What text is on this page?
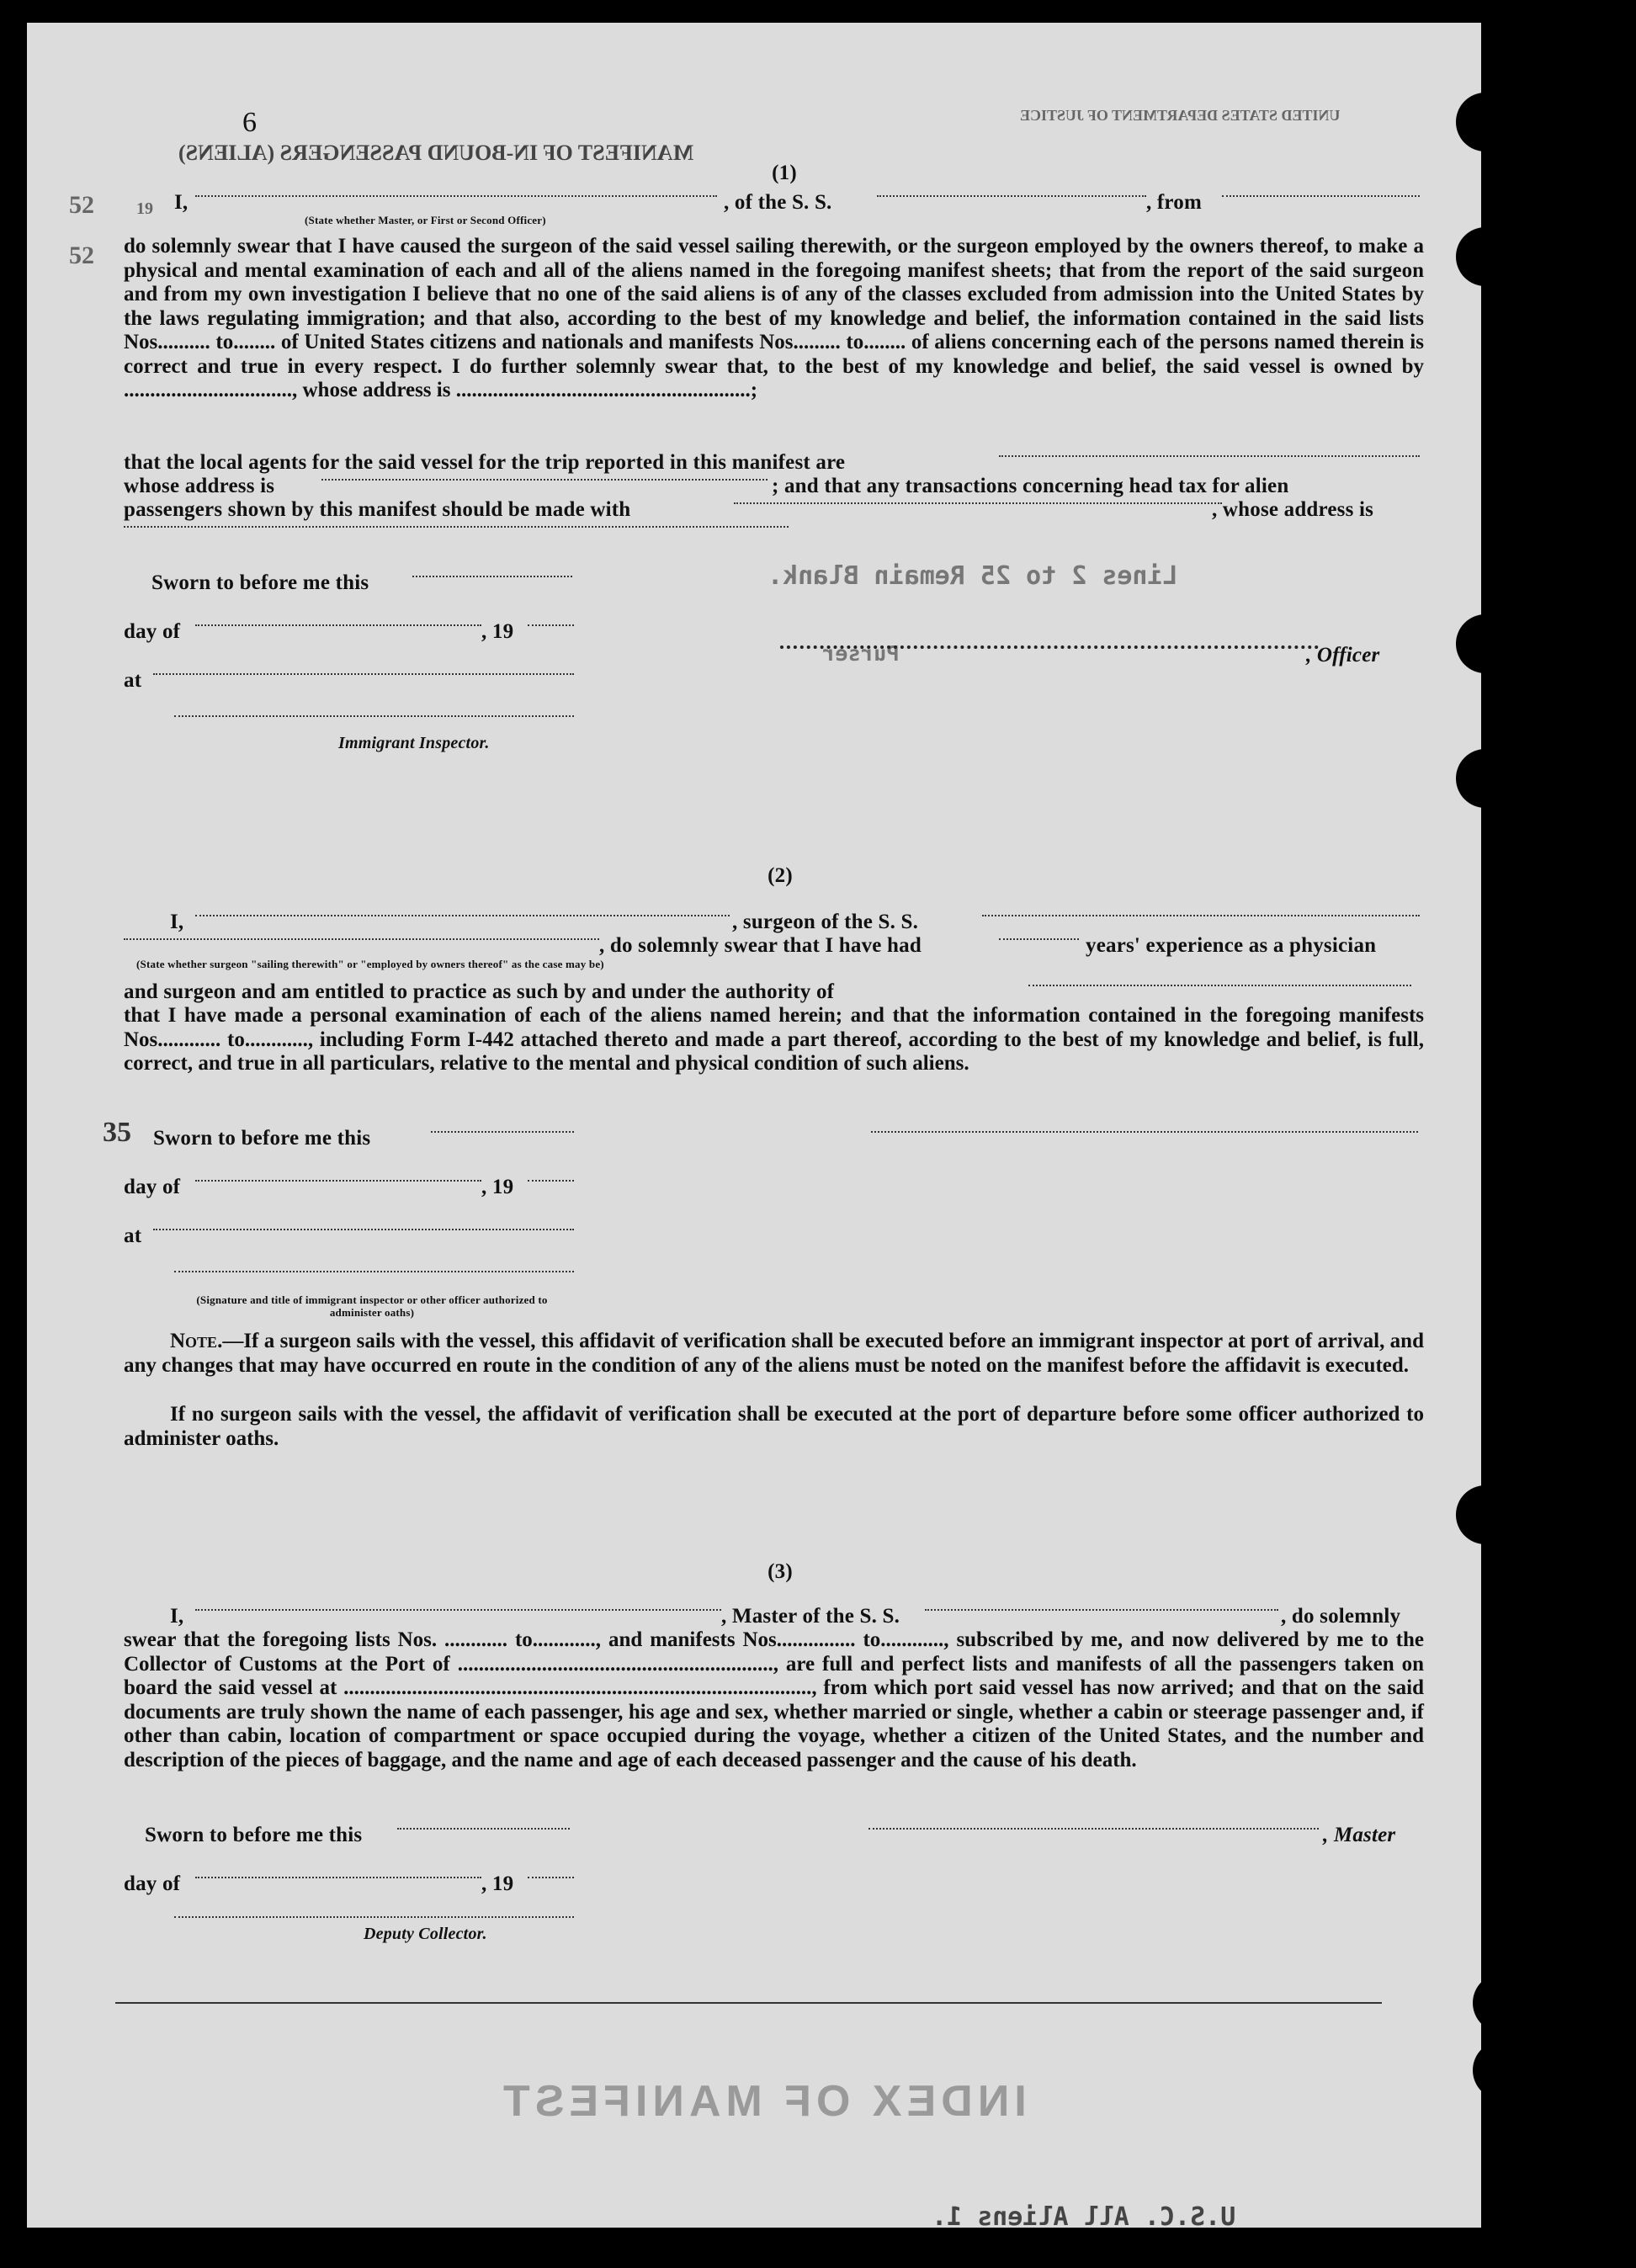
6
MANIFEST OF IN-BOUND PASSENGERS (ALIENS)
UNITED STATES DEPARTMENT OF JUSTICE
52
52
19
(1)
I,	, of the S. S.	, from
(State whether Master, or First or Second Officer)
do solemnly swear that I have caused the surgeon of the said vessel sailing therewith, or the surgeon employed by the owners thereof, to make a physical and mental examination of each and all of the aliens named in the foregoing manifest sheets; that from the report of the said surgeon and from my own investigation I believe that no one of the said aliens is of any of the classes excluded from admission into the United States by the laws regulating immigration; and that also, according to the best of my knowledge and belief, the information contained in the said lists Nos.......... to........ of United States citizens and nationals and manifests Nos......... to........ of aliens concerning each of the persons named therein is correct and true in every respect. I do further solemnly swear that, to the best of my knowledge and belief, the said vessel is owned by ................................, whose address is ........................................................;
that the local agents for the said vessel for the trip reported in this manifest are
whose address is	; and that any transactions concerning head tax for alien
passengers shown by this manifest should be made with	, whose address is
Sworn to before me this
day of	, 19
at
Immigrant Inspector.
Lines 2 to 25 Remain Blank.
Purser	, Officer
(2)
I,	, surgeon of the S. S.
, do solemnly swear that I have had	years' experience as a physician
(State whether surgeon "sailing therewith" or "employed by owners thereof" as the case may be)
and surgeon and am entitled to practice as such by and under the authority of
that I have made a personal examination of each of the aliens named herein; and that the information contained in the foregoing manifests Nos............ to............, including Form I-442 attached thereto and made a part thereof, according to the best of my knowledge and belief, is full, correct, and true in all particulars, relative to the mental and physical condition of such aliens.
35 Sworn to before me this
day of	, 19
at
(Signature and title of immigrant inspector or other officer authorized to administer oaths)
Note.—If a surgeon sails with the vessel, this affidavit of verification shall be executed before an immigrant inspector at port of arrival, and any changes that may have occurred en route in the condition of any of the aliens must be noted on the manifest before the affidavit is executed.
If no surgeon sails with the vessel, the affidavit of verification shall be executed at the port of departure before some officer authorized to administer oaths.
(3)
I,	, Master of the S. S.	, do solemnly
swear that the foregoing lists Nos. ............ to............, and manifests Nos............... to............, subscribed by me, and now delivered by me to the Collector of Customs at the Port of ............................................................, are full and perfect lists and manifests of all the passengers taken on board the said vessel at ........................................................................................., from which port said vessel has now arrived; and that on the said documents are truly shown the name of each passenger, his age and sex, whether married or single, whether a cabin or steerage passenger and, if other than cabin, location of compartment or space occupied during the voyage, whether a citizen of the United States, and the number and description of the pieces of baggage, and the name and age of each deceased passenger and the cause of his death.
Sworn to before me this	, Master
day of	, 19
Deputy Collector.
INDEX OF MANIFEST
U.S.C. All Aliens 1.
